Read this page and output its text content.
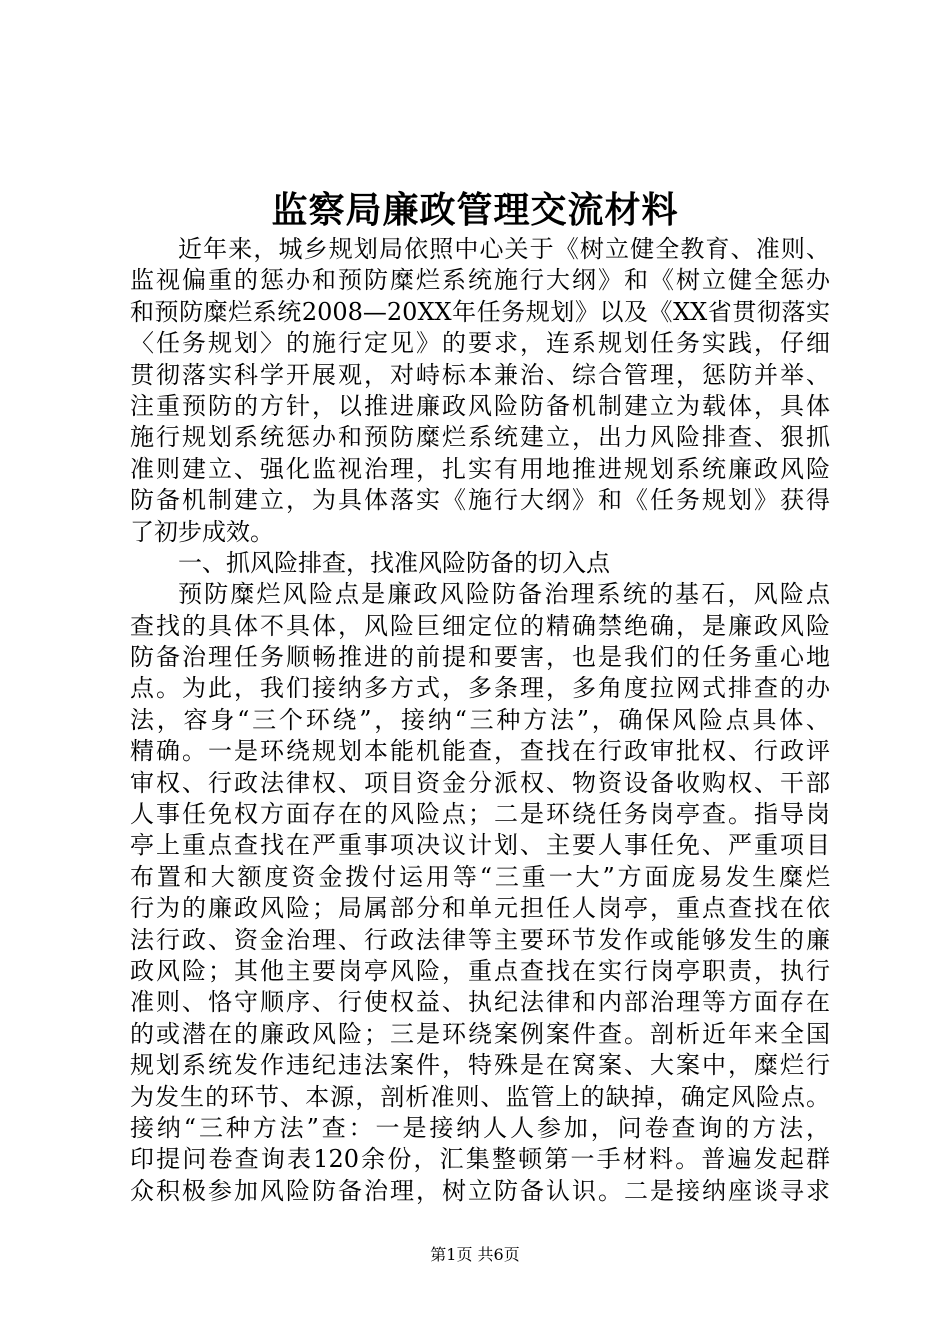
监察局廉政管理交流材料
近年来，城乡规划局依照中心关于《树立健全教育、准则、
监视偏重的惩办和预防糜烂系统施行大纲》和《树立健全惩办
和预防糜烂系统2008—20XX年任务规划》以及《XX省贯彻落实
〈任务规划〉的施行定见》的要求，连系规划任务实践，仔细
贯彻落实科学开展观，对峙标本兼治、综合管理，惩防并举、
注重预防的方针，以推进廉政风险防备机制建立为载体，具体
施行规划系统惩办和预防糜烂系统建立，出力风险排查、狠抓
准则建立、强化监视治理，扎实有用地推进规划系统廉政风险
防备机制建立，为具体落实《施行大纲》和《任务规划》获得
了初步成效。
一、抓风险排查，找准风险防备的切入点
预防糜烂风险点是廉政风险防备治理系统的基石，风险点
查找的具体不具体，风险巨细定位的精确禁绝确，是廉政风险
防备治理任务顺畅推进的前提和要害，也是我们的任务重心地
点。为此，我们接纳多方式，多条理，多角度拉网式排查的办
法，容身“三个环绕”，接纳“三种方法”，确保风险点具体、
精确。一是环绕规划本能机能查，查找在行政审批权、行政评
审权、行政法律权、项目资金分派权、物资设备收购权、干部
人事任免权方面存在的风险点；二是环绕任务岗亭查。指导岗
亭上重点查找在严重事项决议计划、主要人事任免、严重项目
布置和大额度资金拨付运用等“三重一大”方面庞易发生糜烂
行为的廉政风险；局属部分和单元担任人岗亭，重点查找在依
法行政、资金治理、行政法律等主要环节发作或能够发生的廉
政风险；其他主要岗亭风险，重点查找在实行岗亭职责，执行
准则、恪守顺序、行使权益、执纪法律和内部治理等方面存在
的或潜在的廉政风险；三是环绕案例案件查。剖析近年来全国
规划系统发作违纪违法案件，特殊是在窝案、大案中，糜烂行
为发生的环节、本源，剖析准则、监管上的缺掉，确定风险点。
接纳“三种方法”查：一是接纳人人参加，问卷查询的方法，
印提问卷查询表120余份，汇集整顿第一手材料。普遍发起群
众积极参加风险防备治理，树立防备认识。二是接纳座谈寻求
第1页 共6页
